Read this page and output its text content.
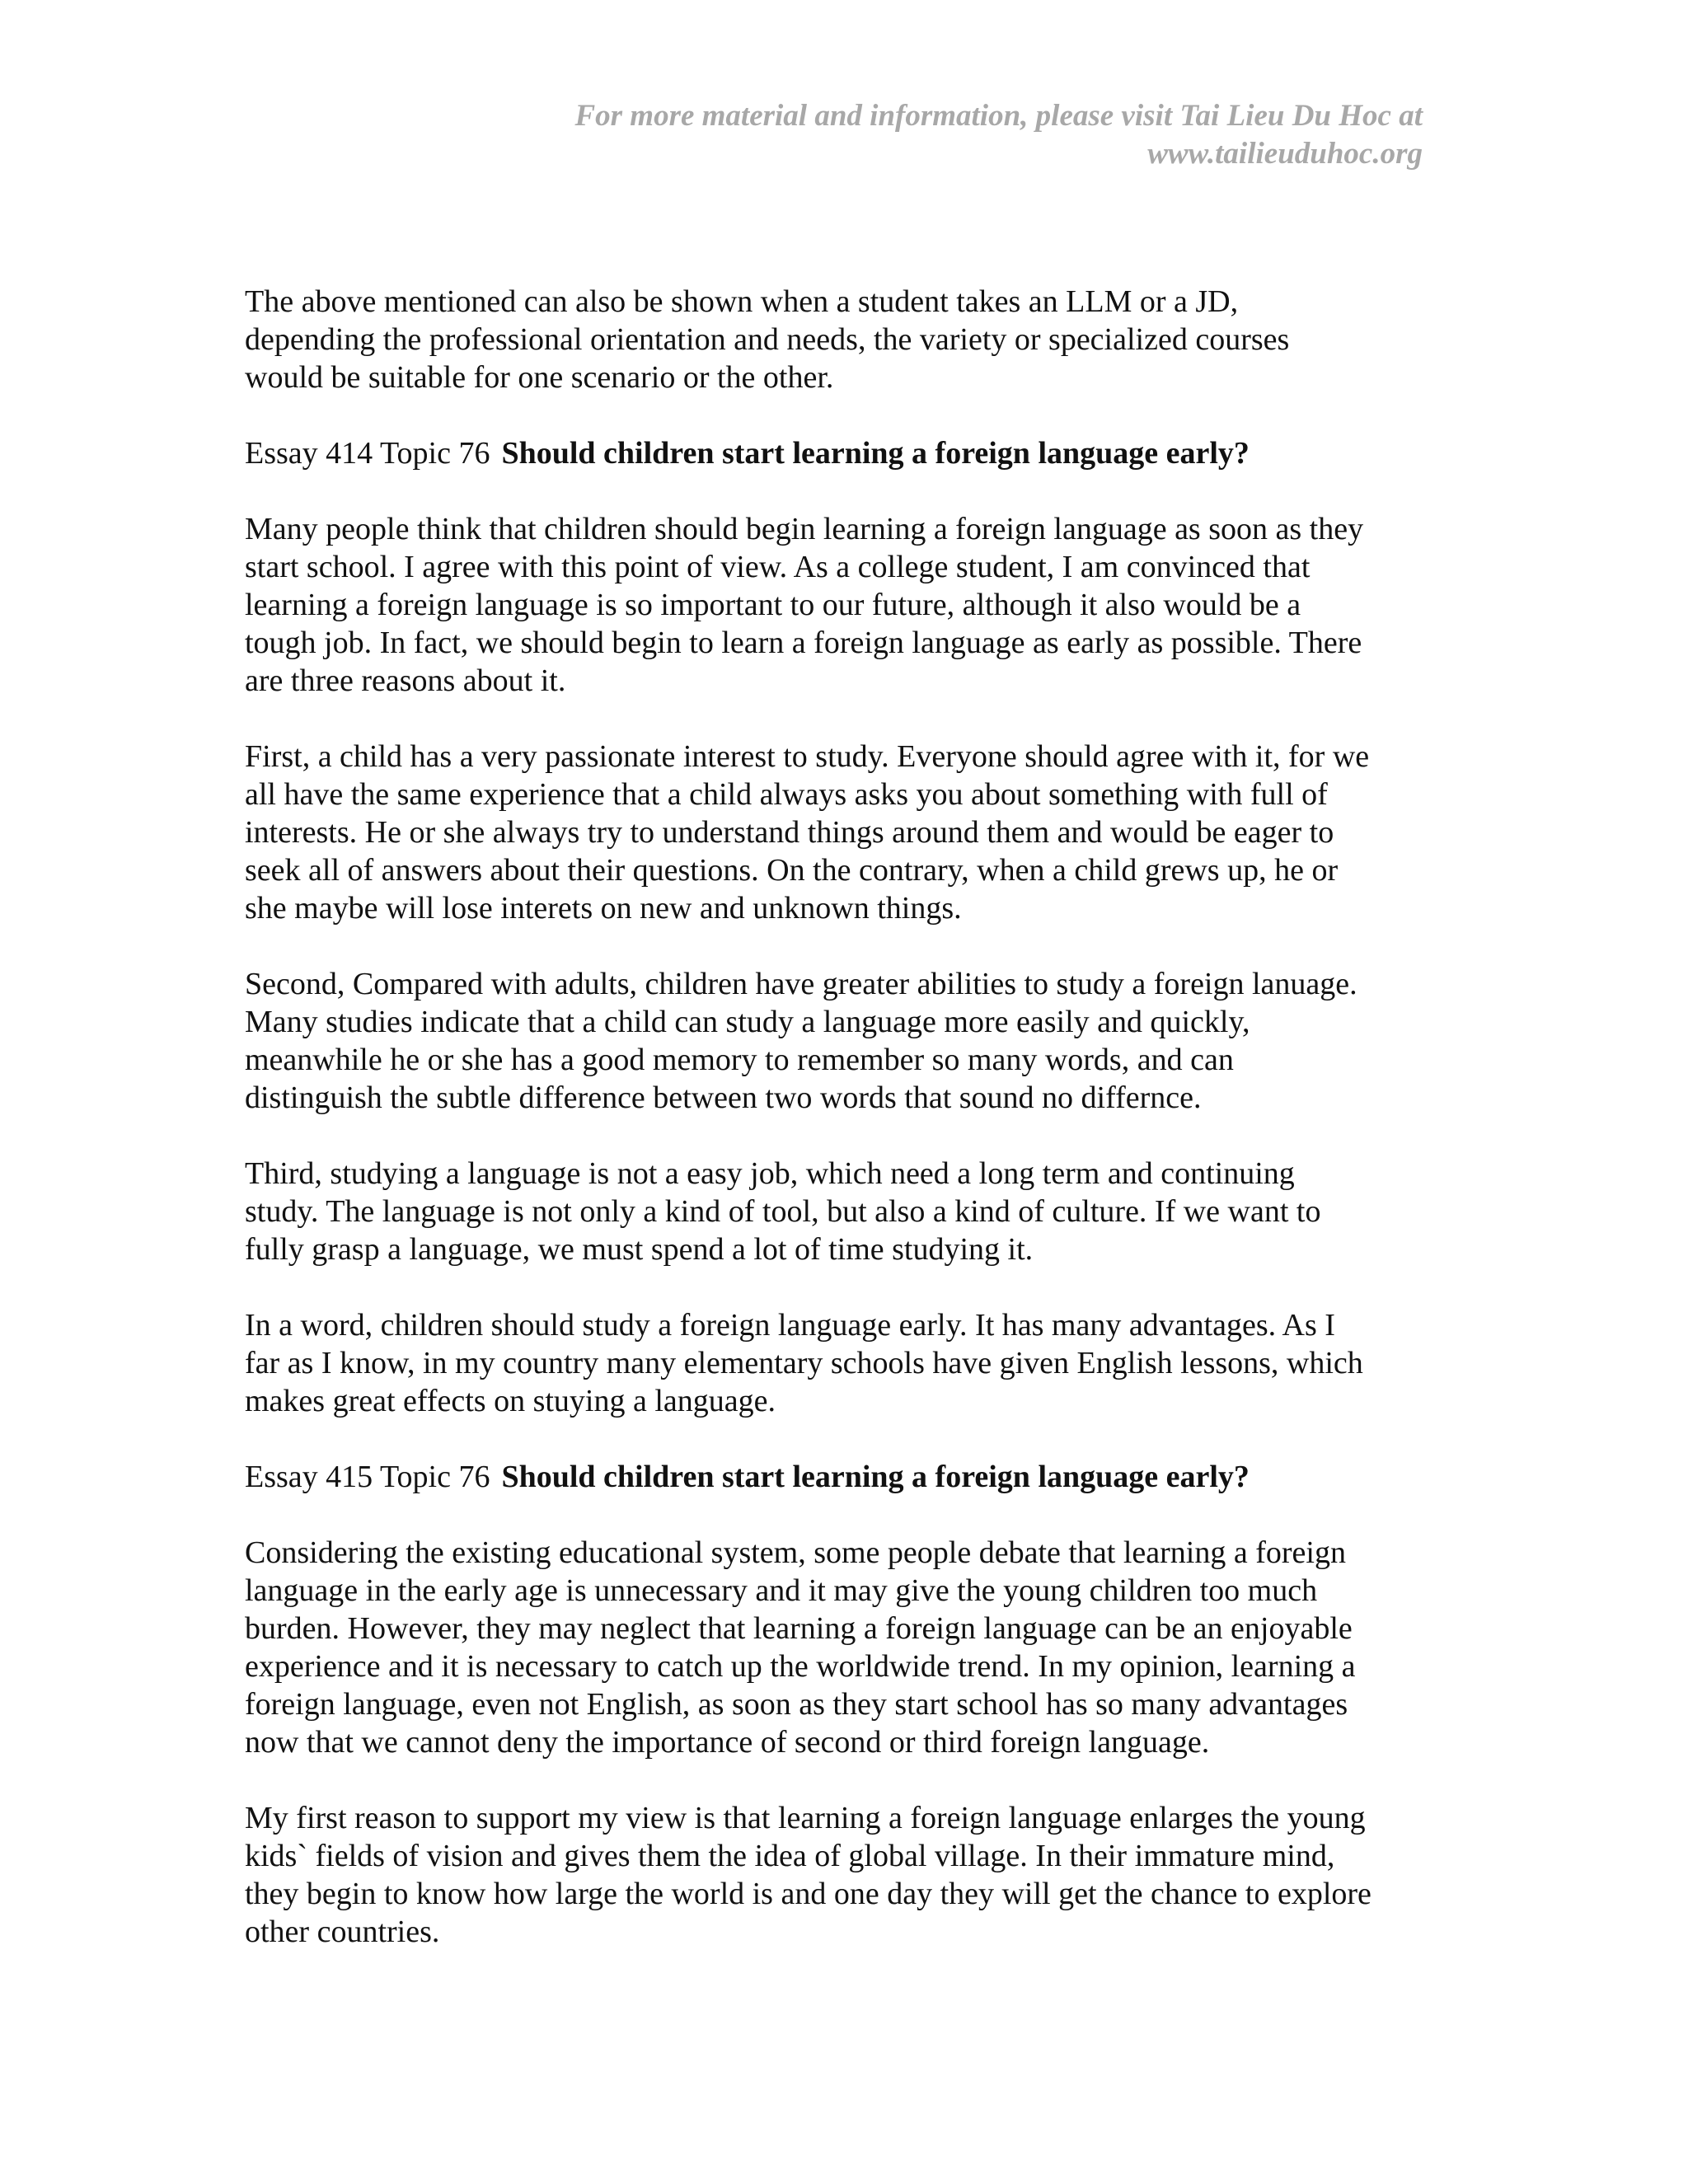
For more material and information, please visit Tai Lieu Du Hoc at
www.tailieuduhoc.org
The above mentioned can also be shown when a student takes an LLM or a JD,
depending the professional orientation and needs, the variety or specialized courses
would be suitable for one scenario or the other.
Essay 414 Topic 76 Should children start learning a foreign language early?
Many people think that children should begin learning a foreign language as soon as they
start school. I agree with this point of view. As a college student, I am convinced that
learning a foreign language is so important to our future, although it also would be a
tough job. In fact, we should begin to learn a foreign language as early as possible. There
are three reasons about it.
First, a child has a very passionate interest to study. Everyone should agree with it, for we
all have the same experience that a child always asks you about something with full of
interests. He or she always try to understand things around them and would be eager to
seek all of answers about their questions. On the contrary, when a child grews up, he or
she maybe will lose interets on new and unknown things.
Second, Compared with adults, children have greater abilities to study a foreign lanuage.
Many studies indicate that a child can study a language more easily and quickly,
meanwhile he or she has a good memory to remember so many words, and can
distinguish the subtle difference between two words that sound no differnce.
Third, studying a language is not a easy job, which need a long term and continuing
study. The language is not only a kind of tool, but also a kind of culture. If we want to
fully grasp a language, we must spend a lot of time studying it.
In a word, children should study a foreign language early. It has many advantages. As I
far as I know, in my country many elementary schools have given English lessons, which
makes great effects on stuying a language.
Essay 415 Topic 76 Should children start learning a foreign language early?
Considering the existing educational system, some people debate that learning a foreign
language in the early age is unnecessary and it may give the young children too much
burden. However, they may neglect that learning a foreign language can be an enjoyable
experience and it is necessary to catch up the worldwide trend. In my opinion, learning a
foreign language, even not English, as soon as they start school has so many advantages
now that we cannot deny the importance of second or third foreign language.
My first reason to support my view is that learning a foreign language enlarges the young
kids` fields of vision and gives them the idea of global village. In their immature mind,
they begin to know how large the world is and one day they will get the chance to explore
other countries.
